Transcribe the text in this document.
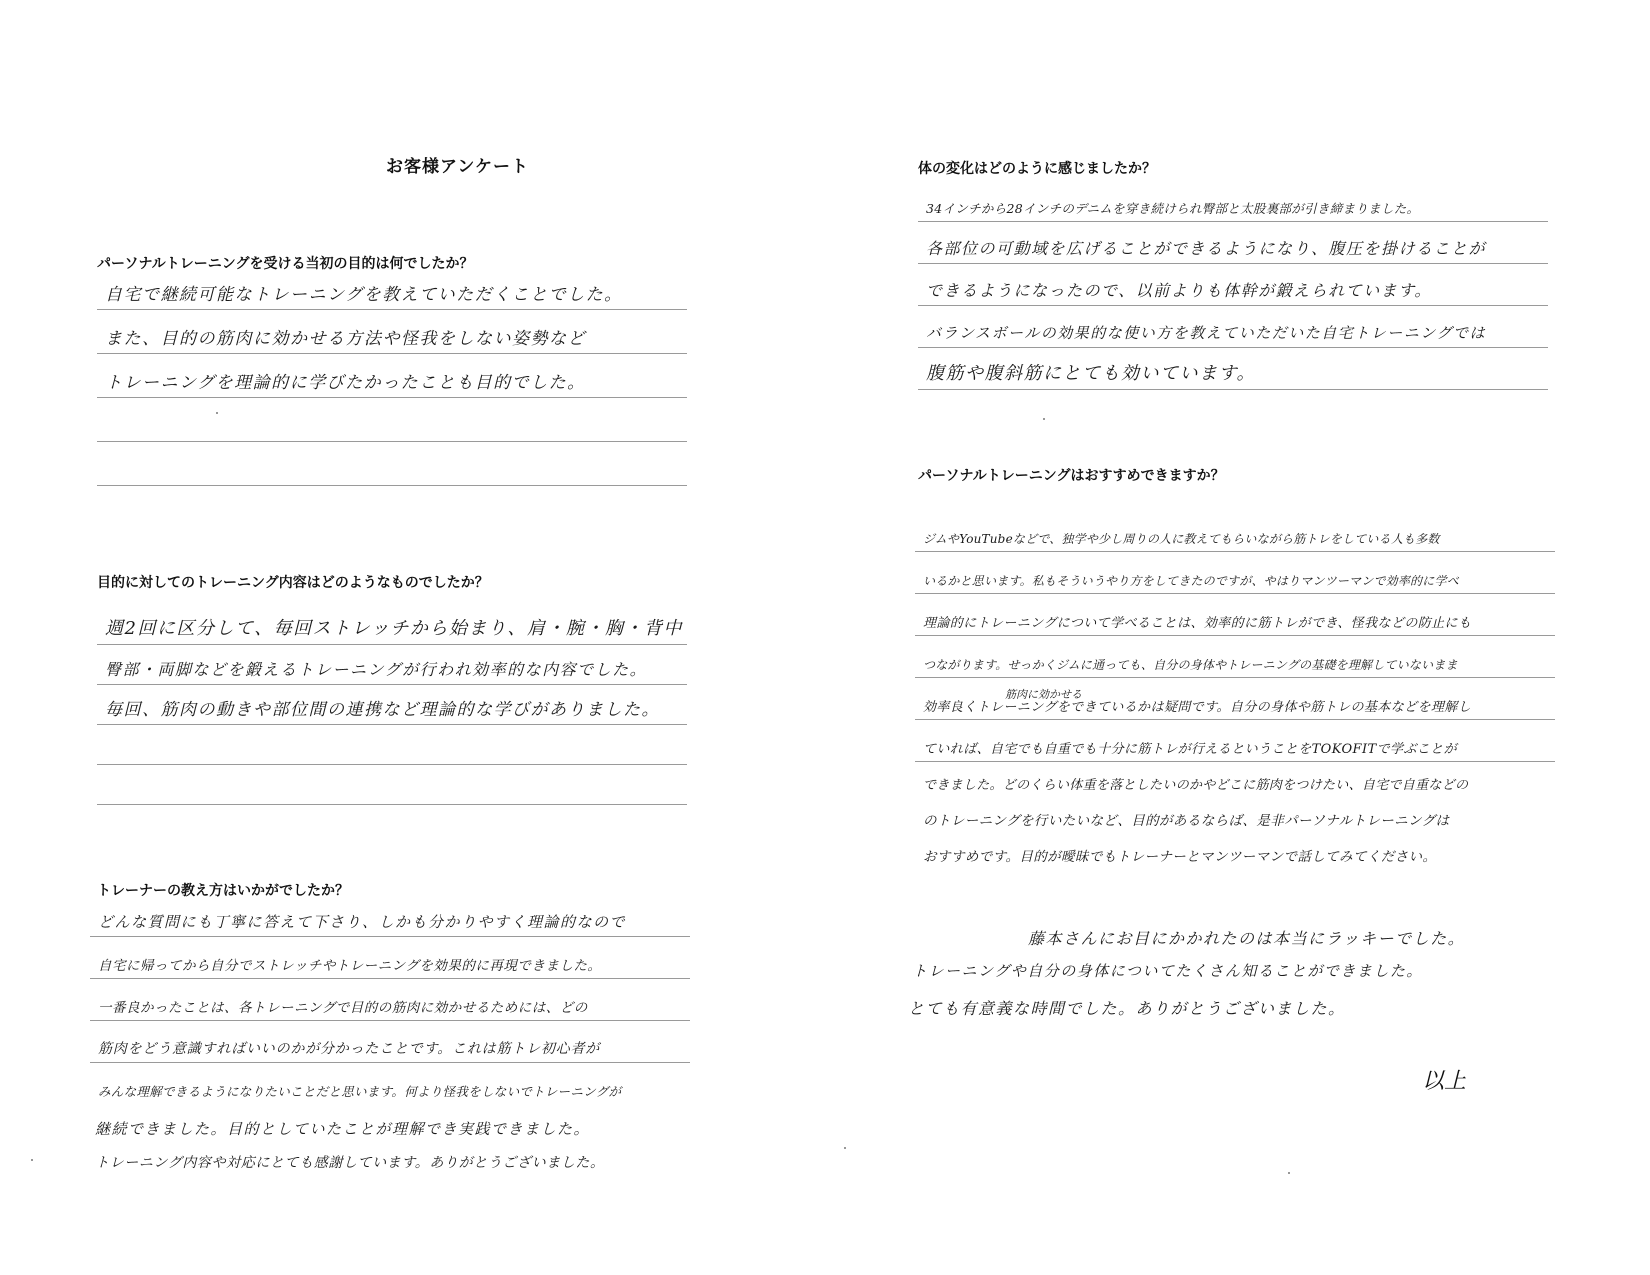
お客様アンケート
パーソナルトレーニングを受ける当初の目的は何でしたか？
自宅で継続可能なトレーニングを教えていただくことでした。
また、目的の筋肉に効かせる方法や怪我をしない姿勢など
トレーニングを理論的に学びたかったことも目的でした。
目的に対してのトレーニング内容はどのようなものでしたか？
週2回に区分して、毎回ストレッチから始まり、肩・腕・胸・背中
臀部・両脚などを鍛えるトレーニングが行われ効率的な内容でした。
毎回、筋肉の動きや部位間の連携など理論的な学びがありました。
トレーナーの教え方はいかがでしたか？
どんな質問にも丁寧に答えて下さり、しかも分かりやすく理論的なので
自宅に帰ってから自分でストレッチやトレーニングを効果的に再現できました。
一番良かったことは、各トレーニングで目的の筋肉に効かせるためには、どの
筋肉をどう意識すればいいのかが分かったことです。これは筋トレ初心者が
みんな理解できるようになりたいことだと思います。何より怪我をしないでトレーニングが
継続できました。目的としていたことが理解でき実践できました。
トレーニング内容や対応にとても感謝しています。ありがとうございました。
体の変化はどのように感じましたか？
34インチから28インチのデニムを穿き続けられ臀部と太股裏部が引き締まりました。
各部位の可動域を広げることができるようになり、腹圧を掛けることが
できるようになったので、以前よりも体幹が鍛えられています。
バランスボールの効果的な使い方を教えていただいた自宅トレーニングでは
腹筋や腹斜筋にとても効いています。
パーソナルトレーニングはおすすめできますか？
ジムやYouTubeなどで、独学や少し周りの人に教えてもらいながら筋トレをしている人も多数
いるかと思います。私もそういうやり方をしてきたのですが、やはりマンツーマンで効率的に学べ
理論的にトレーニングについて学べることは、効率的に筋トレができ、怪我などの防止にも
つながります。せっかくジムに通っても、自分の身体やトレーニングの基礎を理解していないまま
効率良くトレーニングをできているかは疑問です。自分の身体や筋トレの基本などを理解し
ていれば、自宅でも自重でも十分に筋トレが行えるということをTOKOFITで学ぶことが
できました。どのくらい体重を落としたいのかやどこに筋肉をつけたい、自宅で自重などの
のトレーニングを行いたいなど、目的があるならば、是非パーソナルトレーニングは
おすすめです。目的が曖昧でもトレーナーとマンツーマンで話してみてください。
筋肉に効かせる
藤本さんにお目にかかれたのは本当にラッキーでした。
トレーニングや自分の身体についてたくさん知ることができました。
とても有意義な時間でした。ありがとうございました。
以上
